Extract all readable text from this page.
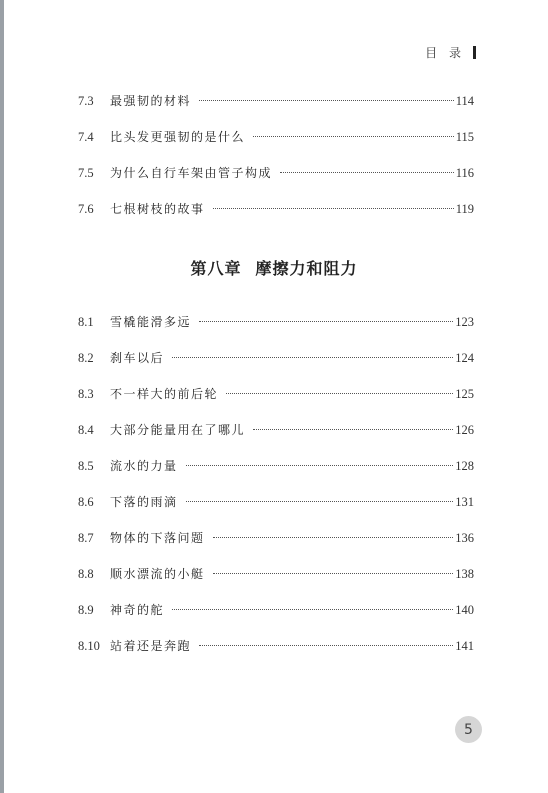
目 录
7.3	最强韧的材料	114
7.4	比头发更强韧的是什么	115
7.5	为什么自行车架由管子构成	116
7.6	七根树枝的故事	119
第八章 摩擦力和阻力
8.1	雪橇能滑多远	123
8.2	刹车以后	124
8.3	不一样大的前后轮	125
8.4	大部分能量用在了哪儿	126
8.5	流水的力量	128
8.6	下落的雨滴	131
8.7	物体的下落问题	136
8.8	顺水漂流的小艇	138
8.9	神奇的舵	140
8.10 站着还是奔跑	141
5
